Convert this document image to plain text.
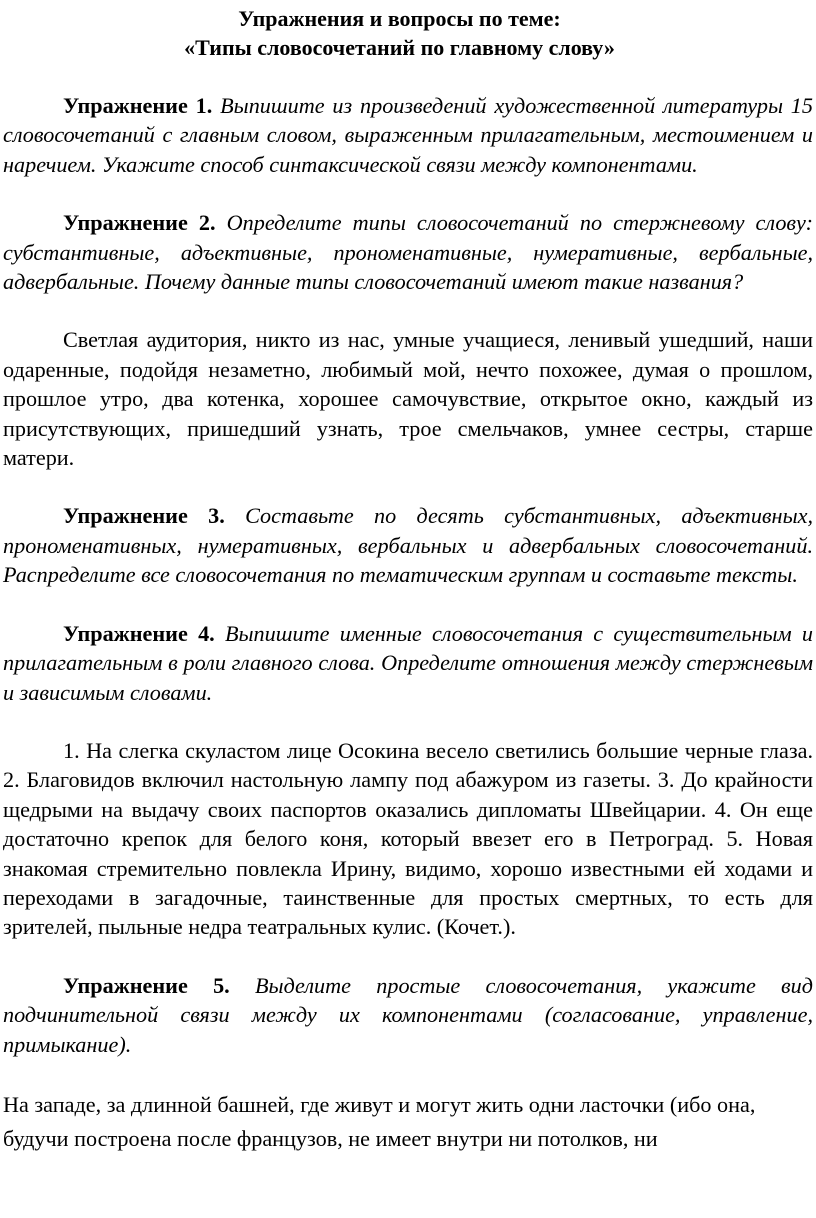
Упражнения и вопросы по теме:
«Типы словосочетаний по главному слову»

Упражнение 1. Выпишите из произведений художественной литературы 15 словосочетаний с главным словом, выраженным прилагательным, местоимением и наречием. Укажите способ синтаксической связи между компонентами.

Упражнение 2. Определите типы словосочетаний по стержневому слову: субстантивные, адъективные, прономенативные, нумеративные, вербальные, адвербальные. Почему данные типы словосочетаний имеют такие названия?

Светлая аудитория, никто из нас, умные учащиеся, ленивый ушедший, наши одаренные, подойдя незаметно, любимый мой, нечто похожее, думая о прошлом, прошлое утро, два котенка, хорошее самочувствие, открытое окно, каждый из присутствующих, пришедший узнать, трое смельчаков, умнее сестры, старше матери.

Упражнение 3. Составьте по десять субстантивных, адъективных, прономенативных, нумеративных, вербальных и адвербальных словосочетаний. Распределите все словосочетания по тематическим группам и составьте тексты.

Упражнение 4. Выпишите именные словосочетания с существительным и прилагательным в роли главного слова. Определите отношения между стержневым и зависимым словами.

1. На слегка скуластом лице Осокина весело светились большие черные глаза. 2. Благовидов включил настольную лампу под абажуром из газеты. 3. До крайности щедрыми на выдачу своих паспортов оказались дипломаты Швейцарии. 4. Он еще достаточно крепок для белого коня, который ввезет его в Петроград. 5. Новая знакомая стремительно повлекла Ирину, видимо, хорошо известными ей ходами и переходами в загадочные, таинственные для простых смертных, то есть для зрителей, пыльные недра театральных кулис. (Кочет.).

Упражнение 5. Выделите простые словосочетания, укажите вид подчинительной связи между их компонентами (согласование, управление, примыкание).

На западе, за длинной башней, где живут и могут жить одни ласточки (ибо она, будучи построена после французов, не имеет внутри ни потолков, ни
